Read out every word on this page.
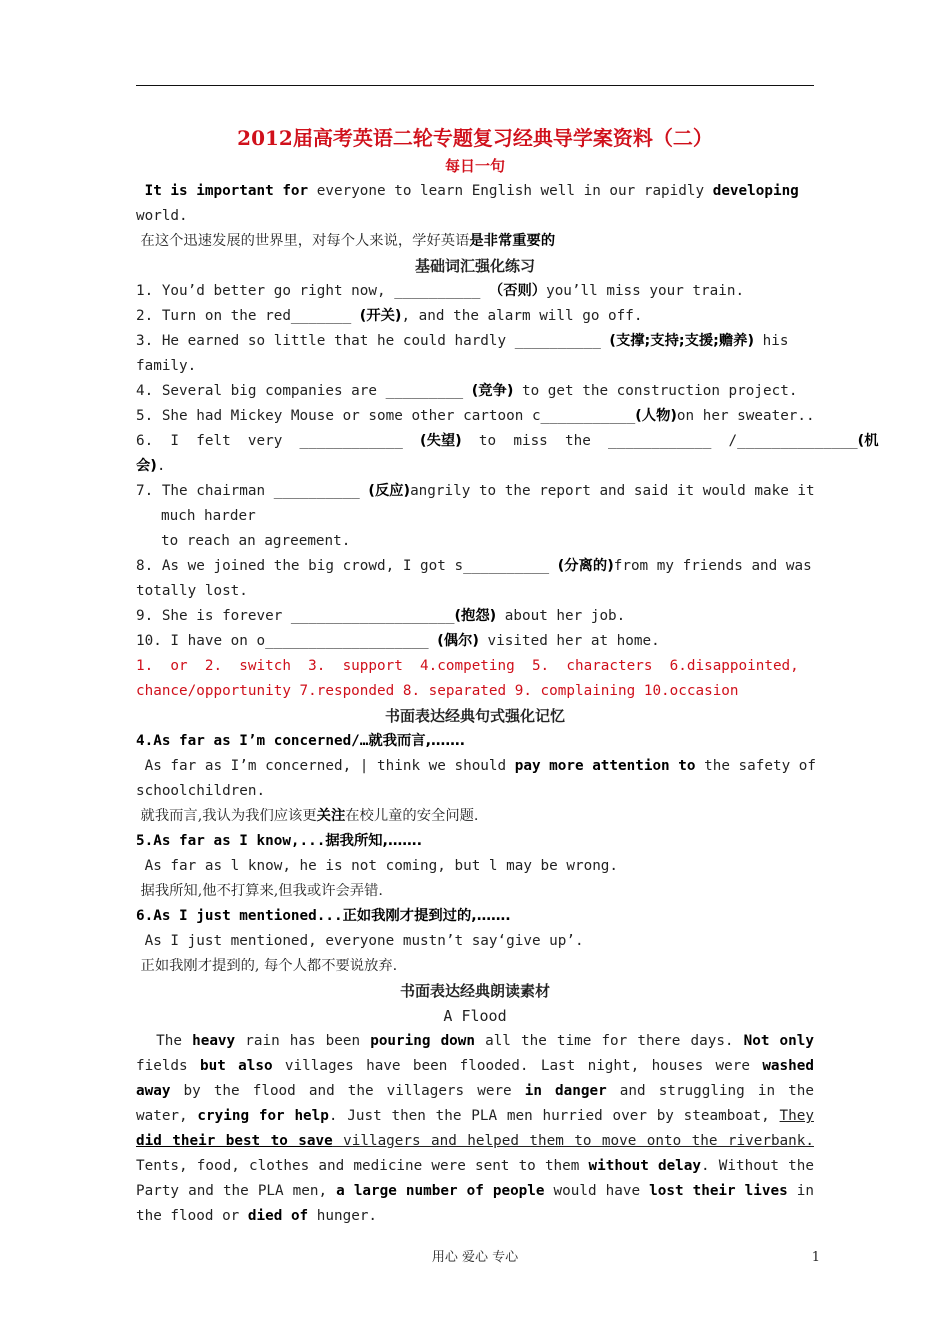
2012届高考英语二轮专题复习经典导学案资料（二）
每日一句
It is important for everyone to learn English well in our rapidly developing
world.
在这个迅速发展的世界里，对每个人来说，学好英语是非常重要的
基础词汇强化练习
1. You’d better go right now, __________ （否则）you’ll miss your train.
2. Turn on the red_______ (开关), and the alarm will go off.
3. He earned so little that he could hardly __________ (支撑;支持;支援;赡养) his
family.
4. Several big companies are _________ (竞争) to get the construction project.
5. She had Mickey Mouse or some other cartoon c___________(人物)on her sweater..
6.  I  felt  very  ____________  (失望)  to  miss  the  ____________  /______________(机
会).
7. The chairman __________ (反应)angrily to the report and said it would make it
much harder
to reach an agreement.
8. As we joined the big crowd, I got s__________ (分离的)from my friends and was
totally lost.
9. She is forever ___________________(抱怨) about her job.
10. I have on o___________________ (偶尔) visited her at home.
1.  or  2.  switch  3.  support  4.competing  5.  characters  6.disappointed,
chance/opportunity 7.responded 8. separated 9. complaining 10.occasion
书面表达经典句式强化记忆
4.As far as I’m concerned/…就我而言,…….
As far as I’m concerned, | think we should pay more attention to the safety of
schoolchildren.
就我而言,我认为我们应该更关注在校儿童的安全问题.
5.As far as I know,...据我所知,…….
As far as l know, he is not coming, but l may be wrong.
据我所知,他不打算来,但我或许会弄错.
6.As I just mentioned...正如我刚才提到过的,…….
As I just mentioned, everyone mustn’t say‘give up’.
正如我刚才提到的, 每个人都不要说放弃.
书面表达经典朗读素材
A Flood
The heavy rain has been pouring down all the time for there days. Not only fields but also villages have been flooded. Last night, houses were washed away by the flood and the villagers were in danger and struggling in the water, crying for help. Just then the PLA men hurried over by steamboat, They did their best to save villagers and helped them to move onto the riverbank. Tents, food, clothes and medicine were sent to them without delay. Without the Party and the PLA men, a large number of people would have lost their lives in the flood or died of hunger.
用心 爱心 专心	1
